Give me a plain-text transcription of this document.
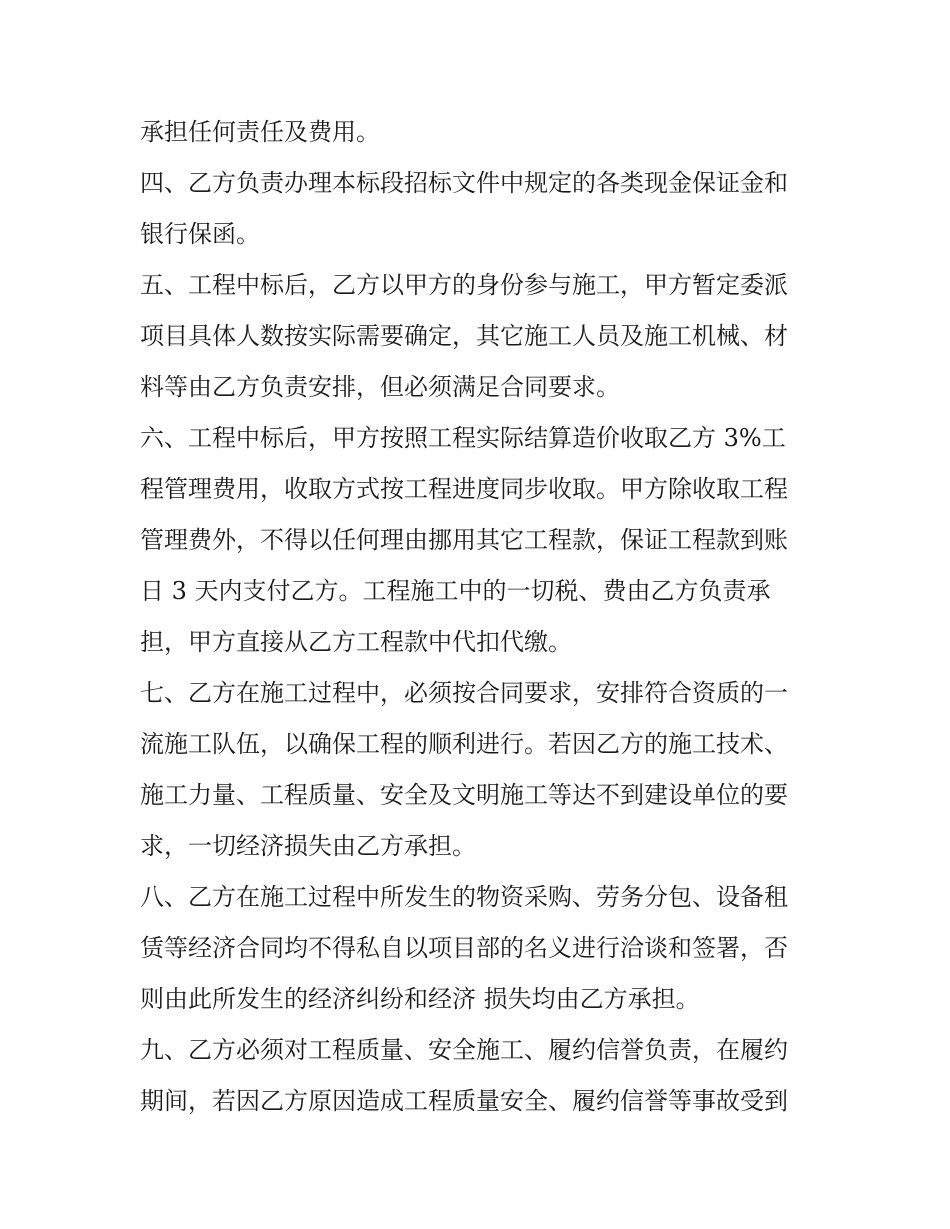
承担任何责任及费用。
四、乙方负责办理本标段招标文件中规定的各类现金保证金和
银行保函。
五、工程中标后，乙方以甲方的身份参与施工，甲方暂定委派
项目具体人数按实际需要确定，其它施工人员及施工机械、材
料等由乙方负责安排，但必须满足合同要求。
六、工程中标后，甲方按照工程实际结算造价收取乙方 3%工
程管理费用，收取方式按工程进度同步收取。甲方除收取工程
管理费外，不得以任何理由挪用其它工程款，保证工程款到账
日 3 天内支付乙方。工程施工中的一切税、费由乙方负责承
担，甲方直接从乙方工程款中代扣代缴。
七、乙方在施工过程中，必须按合同要求，安排符合资质的一
流施工队伍，以确保工程的顺利进行。若因乙方的施工技术、
施工力量、工程质量、安全及文明施工等达不到建设单位的要
求，一切经济损失由乙方承担。
八、乙方在施工过程中所发生的物资采购、劳务分包、设备租
赁等经济合同均不得私自以项目部的名义进行洽谈和签署，否
则由此所发生的经济纠纷和经济 损失均由乙方承担。
九、乙方必须对工程质量、安全施工、履约信誉负责，在履约
期间，若因乙方原因造成工程质量安全、履约信誉等事故受到
